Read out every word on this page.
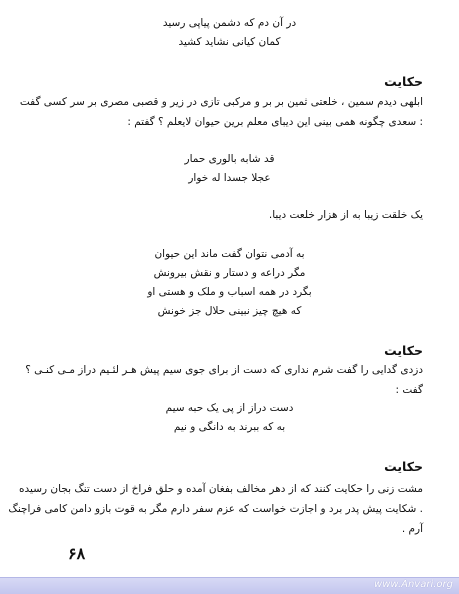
در آن دم که دشمن پیاپی رسید
کمان کیانی نشاید کشید
حکایت
ابلهی دیدم سمین ، خلعتی ثمین بر بر و مرکبی تازی در زیر و قصبی مصری بر سر کسی گفت
: سعدی چگونه همی بینی این دیبای معلم برین حیوان لایعلم ؟ گفتم :
قد شابه بالوری حمار
عجلا جسدا له خوار
یک خلقت زیبا به از هزار خلعت دیبا.
به آدمی نتوان گفت ماند این حیوان
مگر دراعه و دستار و نقش بیرونش
بگرد در همه اسباب و ملک و هستی او
که هیچ چیز نبینی حلال جز خونش
حکایت
دزدی گدایی را گفت شرم نداری که دست از برای جوی سیم پیش هـر لئـیم دراز مـی کنـی ؟
گفت :
دست دراز از پی یک حبه سیم
به که ببرند به دانگی و نیم
حکایت
مشت زنی را حکایت کنند که از دهر مخالف بفغان آمده و حلق فراخ از دست تنگ بجان رسیده
. شکایت پیش پدر برد و اجازت خواست که عزم سفر دارم مگر به قوت بازو دامن کامی فراچنگ
آرم .
۶۸
www.Anvari.org
